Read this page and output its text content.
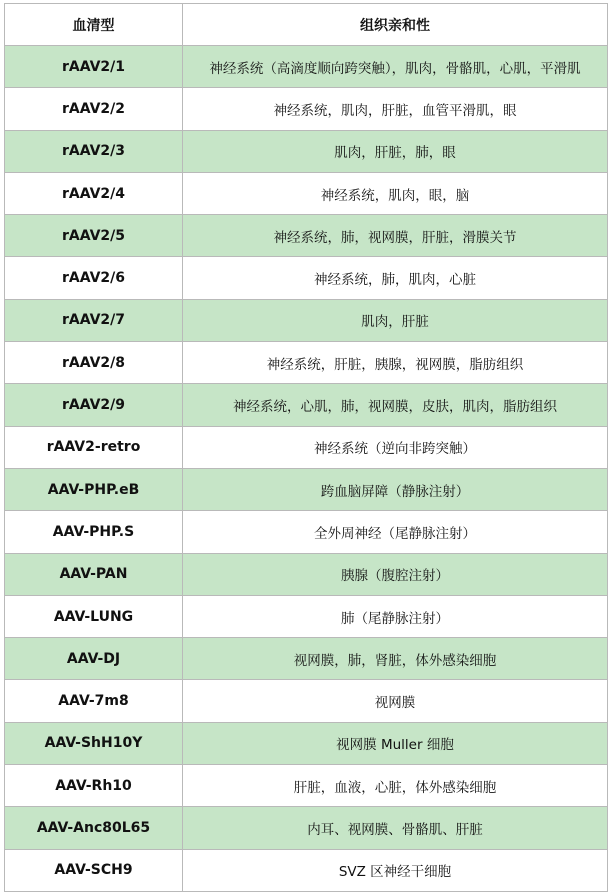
血清型	组织亲和性
rAAV2/1	神经系统（高滴度顺向跨突触），肌肉，骨骼肌，心肌，平滑肌
rAAV2/2	神经系统，肌肉，肝脏，血管平滑肌，眼
rAAV2/3	肌肉，肝脏，肺，眼
rAAV2/4	神经系统，肌肉，眼，脑
rAAV2/5	神经系统，肺，视网膜，肝脏，滑膜关节
rAAV2/6	神经系统，肺，肌肉，心脏
rAAV2/7	肌肉，肝脏
rAAV2/8	神经系统，肝脏，胰腺，视网膜，脂肪组织
rAAV2/9	神经系统，心肌，肺，视网膜，皮肤，肌肉，脂肪组织
rAAV2-retro	神经系统（逆向非跨突触）
AAV-PHP.eB	跨血脑屏障（静脉注射）
AAV-PHP.S	全外周神经（尾静脉注射）
AAV-PAN	胰腺（腹腔注射）
AAV-LUNG	肺（尾静脉注射）
AAV-DJ	视网膜，肺，肾脏，体外感染细胞
AAV-7m8	视网膜
AAV-ShH10Y	视网膜 Muller 细胞
AAV-Rh10	肝脏，血液，心脏，体外感染细胞
AAV-Anc80L65	内耳、视网膜、骨骼肌、肝脏
AAV-SCH9	SVZ 区神经干细胞
